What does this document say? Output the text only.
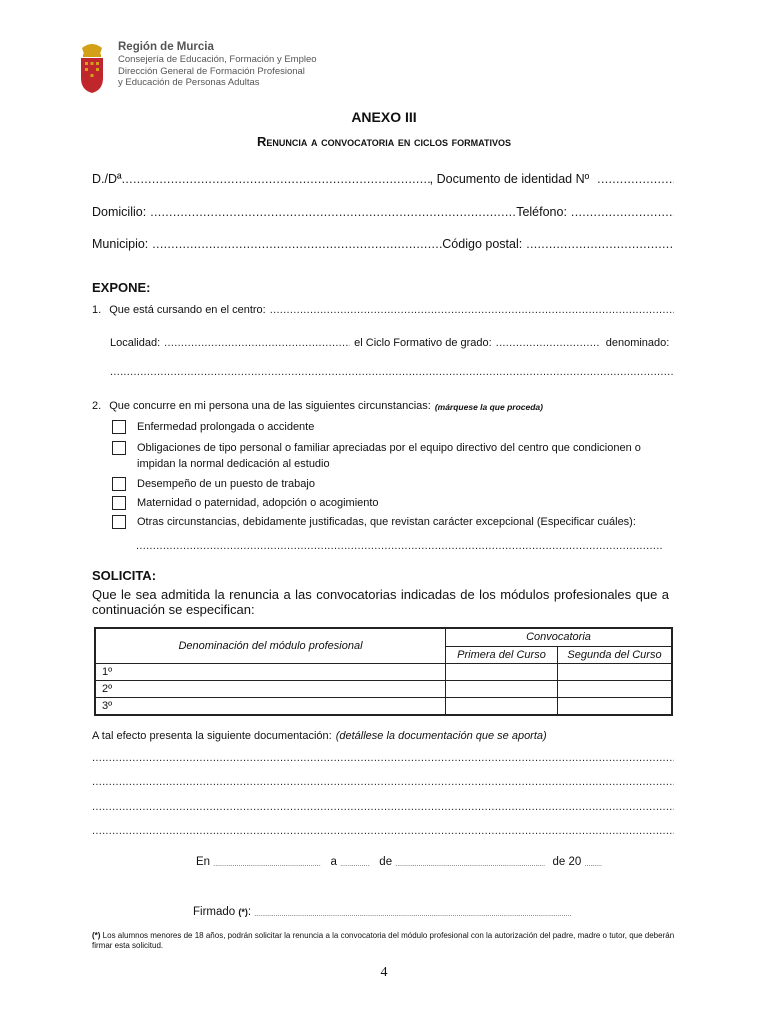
Región de Murcia
Consejería de Educación, Formación y Empleo
Dirección General de Formación Profesional
y Educación de Personas Adultas
ANEXO III
Renuncia a convocatoria en ciclos formativos
D./Dª .....	, Documento de identidad Nº
.....
Domicilio: .....	Teléfono:
.....
Municipio: .....	Código postal:
.....
EXPONE:
1. Que está cursando en el centro:
.....
Localidad: .....	el Ciclo Formativo de grado: .....	denominado:
.....
2. Que concurre en mi persona una de las siguientes circunstancias: (márquese la que proceda)
Enfermedad prolongada o accidente
Obligaciones de tipo personal o familiar apreciadas por el equipo directivo del centro que condicionen o impidan la normal dedicación al estudio
Desempeño de un puesto de trabajo
Maternidad o paternidad, adopción o acogimiento
Otras circunstancias, debidamente justificadas, que revistan carácter excepcional (Especificar cuáles):
.....
SOLICITA:
Que le sea admitida la renuncia a las convocatorias indicadas de los módulos profesionales que a continuación se especifican:
Denominación del módulo profesional	Convocatoria	
	Primera del Curso	Segunda del Curso
1º		
2º		
3º		
A tal efecto presenta la siguiente documentación: (detállese la documentación que se aporta)
.....
.....
.....
.....
En .....	a .....	de .....	de 20 .....
Firmado (*): .....
(*) Los alumnos menores de 18 años, podrán solicitar la renuncia a la convocatoria del módulo profesional con la autorización del padre, madre o tutor, que deberán firmar esta solicitud.
4
